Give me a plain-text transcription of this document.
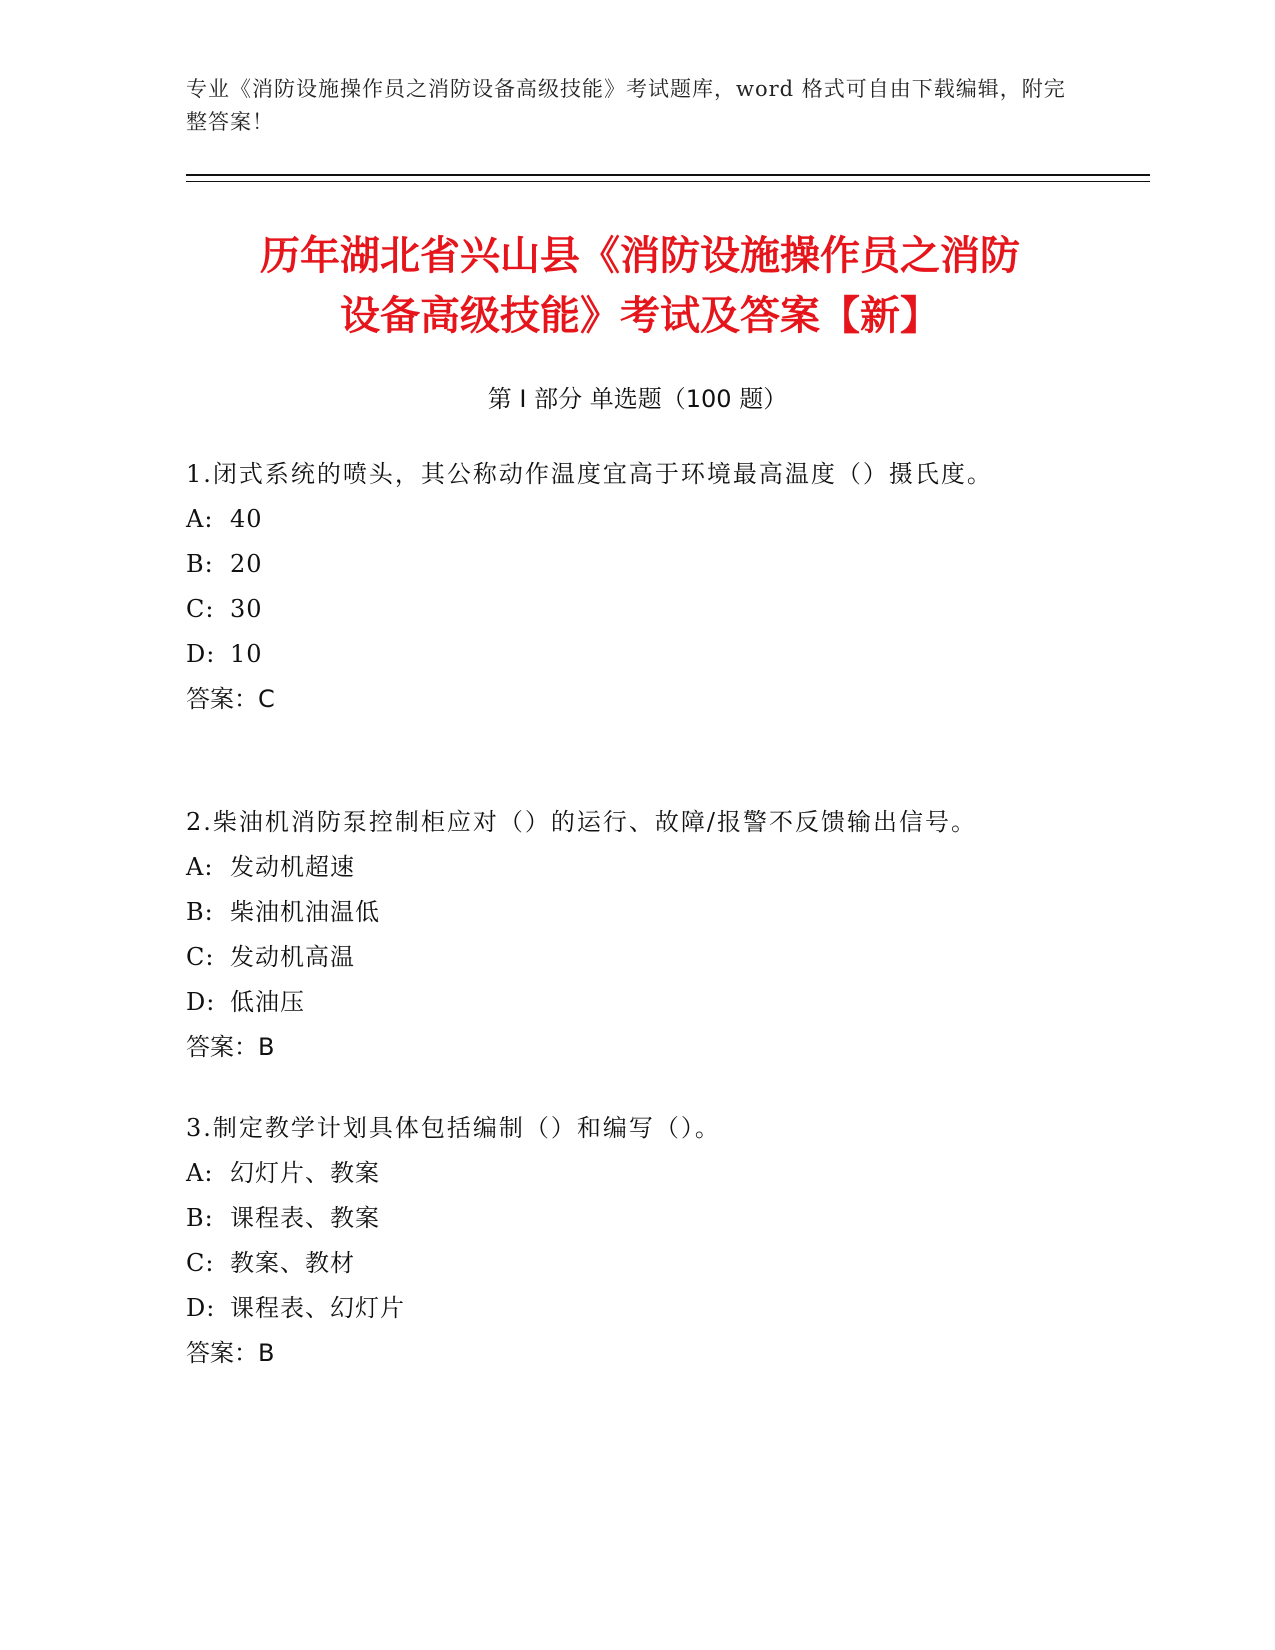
专业《消防设施操作员之消防设备高级技能》考试题库，word 格式可自由下载编辑，附完整答案！
历年湖北省兴山县《消防设施操作员之消防
设备高级技能》考试及答案【新】
第 I 部分 单选题（100 题）
1.闭式系统的喷头，其公称动作温度宜高于环境最高温度（）摄氏度。
A: 40
B: 20
C: 30
D: 10
答案：C
2.柴油机消防泵控制柜应对（）的运行、故障/报警不反馈输出信号。
A: 发动机超速
B: 柴油机油温低
C: 发动机高温
D: 低油压
答案：B
3.制定教学计划具体包括编制（）和编写（）。
A: 幻灯片、教案
B: 课程表、教案
C: 教案、教材
D: 课程表、幻灯片
答案：B
